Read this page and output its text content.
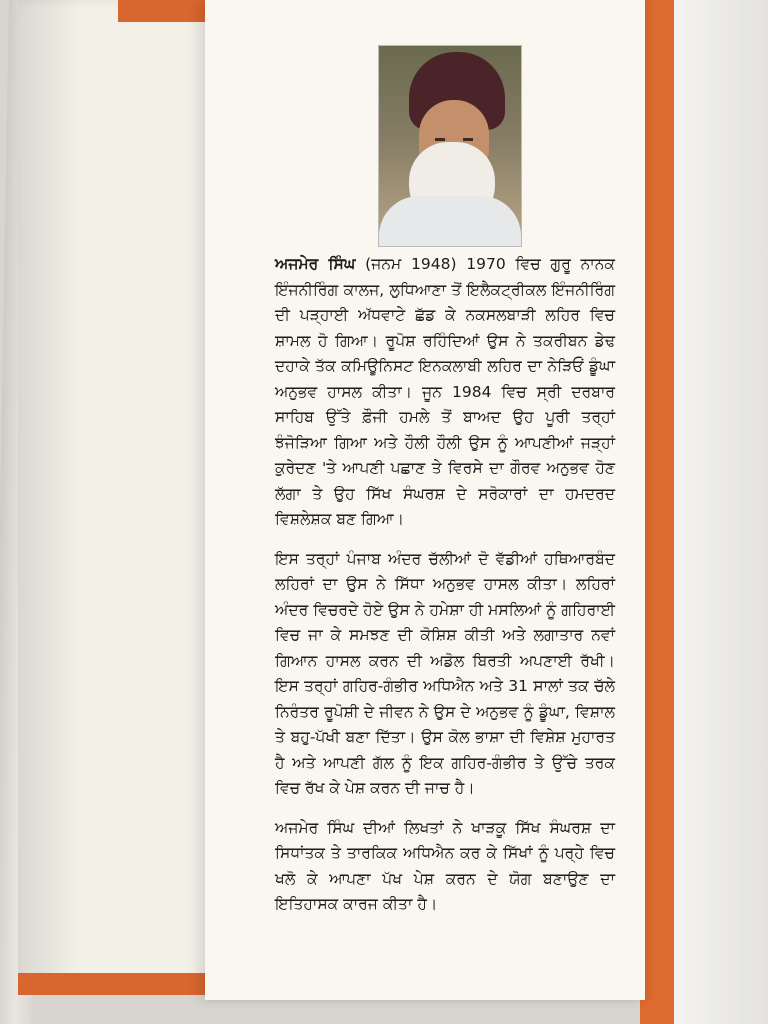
ਅਜਮੇਰ ਸਿੰਘ (ਜਨਮ 1948) 1970 ਵਿਚ ਗੁਰੂ ਨਾਨਕ ਇੰਜਨੀਰਿੰਗ ਕਾਲਜ, ਲੁਧਿਆਣਾ ਤੋਂ ਇਲੈਕਟ੍ਰੀਕਲ ਇੰਜਨੀਰਿੰਗ ਦੀ ਪੜ੍ਹਾਈ ਅੱਧਵਾਟੇ ਛੱਡ ਕੇ ਨਕਸਲਬਾੜੀ ਲਹਿਰ ਵਿਚ ਸ਼ਾਮਲ ਹੋ ਗਿਆ। ਰੂਪੋਸ਼ ਰਹਿੰਦਿਆਂ ਉਸ ਨੇ ਤਕਰੀਬਨ ਡੇਢ ਦਹਾਕੇ ਤੱਕ ਕਮਿਊਨਿਸਟ ਇਨਕਲਾਬੀ ਲਹਿਰ ਦਾ ਨੇੜਿਓਂ ਡੂੰਘਾ ਅਨੁਭਵ ਹਾਸਲ ਕੀਤਾ। ਜੂਨ 1984 ਵਿਚ ਸ੍ਰੀ ਦਰਬਾਰ ਸਾਹਿਬ ਉੱਤੇ ਫ਼ੌਜੀ ਹਮਲੇ ਤੋਂ ਬਾਅਦ ਉਹ ਪੂਰੀ ਤਰ੍ਹਾਂ ਝੰਜੋੜਿਆ ਗਿਆ ਅਤੇ ਹੌਲੀ ਹੌਲੀ ਉਸ ਨੂੰ ਆਪਣੀਆਂ ਜੜ੍ਹਾਂ ਕੁਰੇਦਣ 'ਤੇ ਆਪਣੀ ਪਛਾਣ ਤੇ ਵਿਰਸੇ ਦਾ ਗੌਰਵ ਅਨੁਭਵ ਹੋਣ ਲੱਗਾ ਤੇ ਉਹ ਸਿੱਖ ਸੰਘਰਸ਼ ਦੇ ਸਰੋਕਾਰਾਂ ਦਾ ਹਮਦਰਦ ਵਿਸ਼ਲੇਸ਼ਕ ਬਣ ਗਿਆ।

ਇਸ ਤਰ੍ਹਾਂ ਪੰਜਾਬ ਅੰਦਰ ਚੱਲੀਆਂ ਦੋ ਵੱਡੀਆਂ ਹਥਿਆਰਬੰਦ ਲਹਿਰਾਂ ਦਾ ਉਸ ਨੇ ਸਿੱਧਾ ਅਨੁਭਵ ਹਾਸਲ ਕੀਤਾ। ਲਹਿਰਾਂ ਅੰਦਰ ਵਿਚਰਦੇ ਹੋਏ ਉਸ ਨੇ ਹਮੇਸ਼ਾ ਹੀ ਮਸਲਿਆਂ ਨੂੰ ਗਹਿਰਾਈ ਵਿਚ ਜਾ ਕੇ ਸਮਝਣ ਦੀ ਕੋਸ਼ਿਸ਼ ਕੀਤੀ ਅਤੇ ਲਗਾਤਾਰ ਨਵਾਂ ਗਿਆਨ ਹਾਸਲ ਕਰਨ ਦੀ ਅਡੋਲ ਬਿਰਤੀ ਅਪਣਾਈ ਰੱਖੀ। ਇਸ ਤਰ੍ਹਾਂ ਗਹਿਰ-ਗੰਭੀਰ ਅਧਿਐਨ ਅਤੇ 31 ਸਾਲਾਂ ਤਕ ਚੱਲੇ ਨਿਰੰਤਰ ਰੂਪੋਸ਼ੀ ਦੇ ਜੀਵਨ ਨੇ ਉਸ ਦੇ ਅਨੁਭਵ ਨੂੰ ਡੂੰਘਾ, ਵਿਸ਼ਾਲ ਤੇ ਬਹੁ-ਪੱਖੀ ਬਣਾ ਦਿੱਤਾ। ਉਸ ਕੋਲ ਭਾਸ਼ਾ ਦੀ ਵਿਸ਼ੇਸ਼ ਮੁਹਾਰਤ ਹੈ ਅਤੇ ਆਪਣੀ ਗੱਲ ਨੂੰ ਇਕ ਗਹਿਰ-ਗੰਭੀਰ ਤੇ ਉੱਚੇ ਤਰਕ ਵਿਚ ਰੱਖ ਕੇ ਪੇਸ਼ ਕਰਨ ਦੀ ਜਾਚ ਹੈ।

ਅਜਮੇਰ ਸਿੰਘ ਦੀਆਂ ਲਿਖਤਾਂ ਨੇ ਖਾੜਕੂ ਸਿੱਖ ਸੰਘਰਸ਼ ਦਾ ਸਿਧਾਂਤਕ ਤੇ ਤਾਰਕਿਕ ਅਧਿਐਨ ਕਰ ਕੇ ਸਿੱਖਾਂ ਨੂੰ ਪਰ੍ਹੇ ਵਿਚ ਖਲੋ ਕੇ ਆਪਣਾ ਪੱਖ ਪੇਸ਼ ਕਰਨ ਦੇ ਯੋਗ ਬਣਾਉਣ ਦਾ ਇਤਿਹਾਸਕ ਕਾਰਜ ਕੀਤਾ ਹੈ।
